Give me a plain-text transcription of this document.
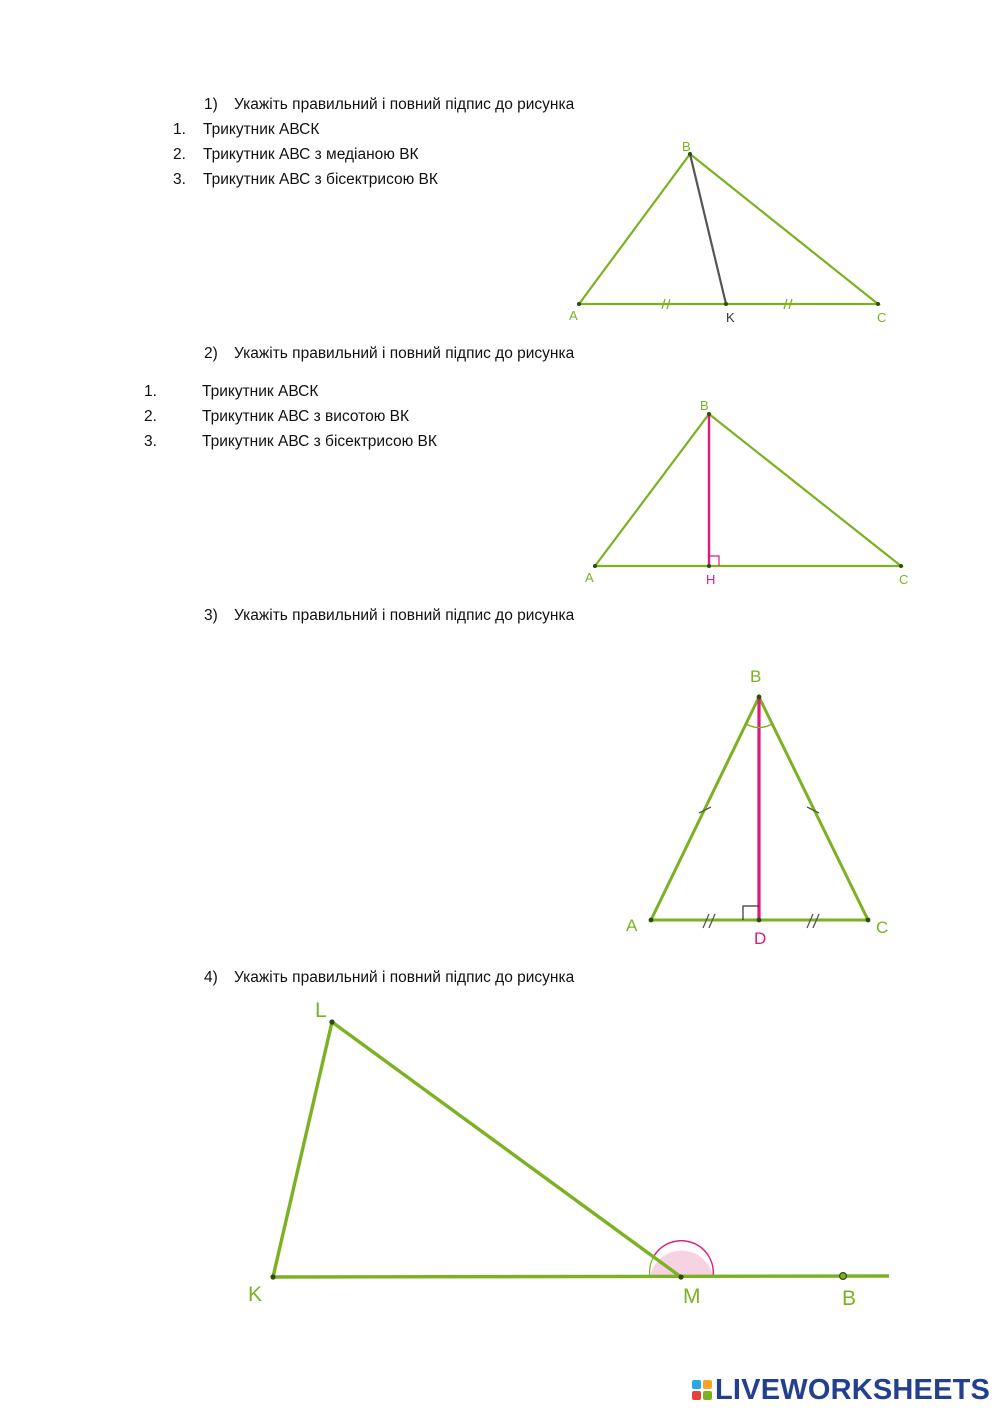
1) Укажіть правильний і повний підпис до рисунка
1. Трикутник АВСК
2. Трикутник АВС з медіаною ВК
3. Трикутник АВС з бісектрисою ВК
2) Укажіть правильний і повний підпис до рисунка
1.	Трикутник АВСК
2.	Трикутник АВС з висотою ВК
3.	Трикутник АВС з бісектрисою ВК
3) Укажіть правильний і повний підпис до рисунка
4) Укажіть правильний і повний підпис до рисунка
B
A	K	C
B
A	H	C
B
A
D
C
L
K	M	B
LIVEWORKSHEETS
